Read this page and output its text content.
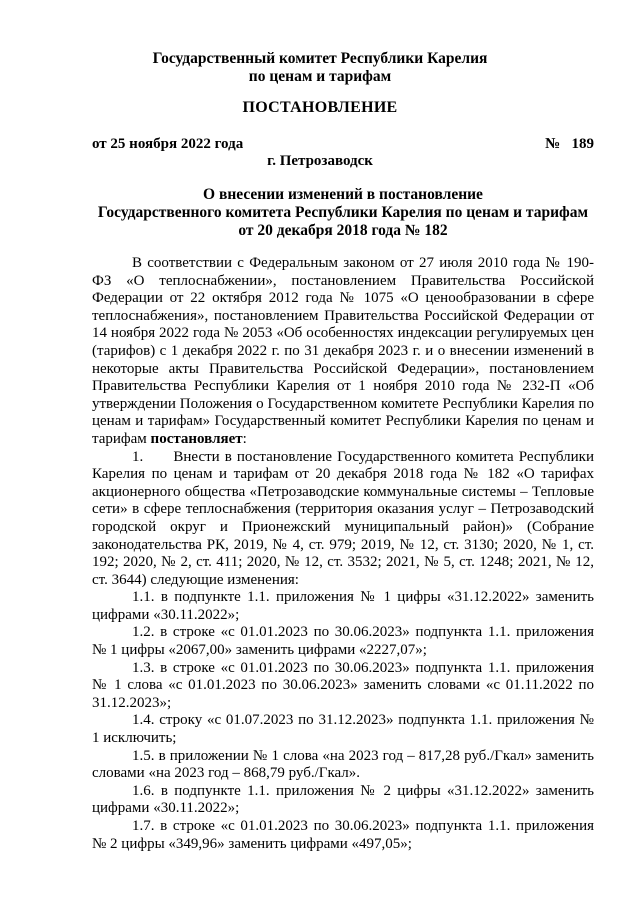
Государственный комитет Республики Карелия
по ценам и тарифам
ПОСТАНОВЛЕНИЕ
от 25 ноября 2022 года	№   189
г. Петрозаводск
О внесении изменений в постановление
Государственного комитета Республики Карелия по ценам и тарифам
от 20 декабря 2018 года № 182

В соответствии с Федеральным законом от 27 июля 2010 года № 190-ФЗ «О теплоснабжении», постановлением Правительства Российской Федерации от 22 октября 2012 года № 1075 «О ценообразовании в сфере теплоснабжения», постановлением Правительства Российской Федерации от 14 ноября 2022 года № 2053 «Об особенностях индексации регулируемых цен (тарифов) с 1 декабря 2022 г. по 31 декабря 2023 г. и о внесении изменений в некоторые акты Правительства Российской Федерации», постановлением Правительства Республики Карелия от 1 ноября 2010 года № 232-П «Об утверждении Положения о Государственном комитете Республики Карелия по ценам и тарифам» Государственный комитет Республики Карелия по ценам и тарифам постановляет:

1.      Внести в постановление Государственного комитета Республики Карелия по ценам и тарифам от 20 декабря 2018 года № 182 «О тарифах акционерного общества «Петрозаводские коммунальные системы – Тепловые сети» в сфере теплоснабжения (территория оказания услуг – Петрозаводский городской округ и Прионежский муниципальный район)» (Собрание законодательства РК, 2019, № 4, ст. 979; 2019, № 12, ст. 3130; 2020, № 1, ст. 192; 2020, № 2, ст. 411; 2020, № 12, ст. 3532; 2021, № 5, ст. 1248; 2021, № 12, ст. 3644) следующие изменения:

1.1. в подпункте 1.1. приложения № 1 цифры «31.12.2022» заменить цифрами «30.11.2022»;

1.2. в строке «с 01.01.2023 по 30.06.2023» подпункта 1.1. приложения № 1 цифры «2067,00» заменить цифрами «2227,07»;

1.3. в строке «с 01.01.2023 по 30.06.2023» подпункта 1.1. приложения № 1 слова «с 01.01.2023 по 30.06.2023» заменить словами «с 01.11.2022 по 31.12.2023»;

1.4. строку «с 01.07.2023 по 31.12.2023» подпункта 1.1. приложения № 1 исключить;

1.5. в приложении № 1 слова «на 2023 год – 817,28 руб./Гкал» заменить словами «на 2023 год – 868,79 руб./Гкал».

1.6. в подпункте 1.1. приложения № 2 цифры «31.12.2022» заменить цифрами «30.11.2022»;

1.7. в строке «с 01.01.2023 по 30.06.2023» подпункта 1.1. приложения № 2 цифры «349,96» заменить цифрами «497,05»;
